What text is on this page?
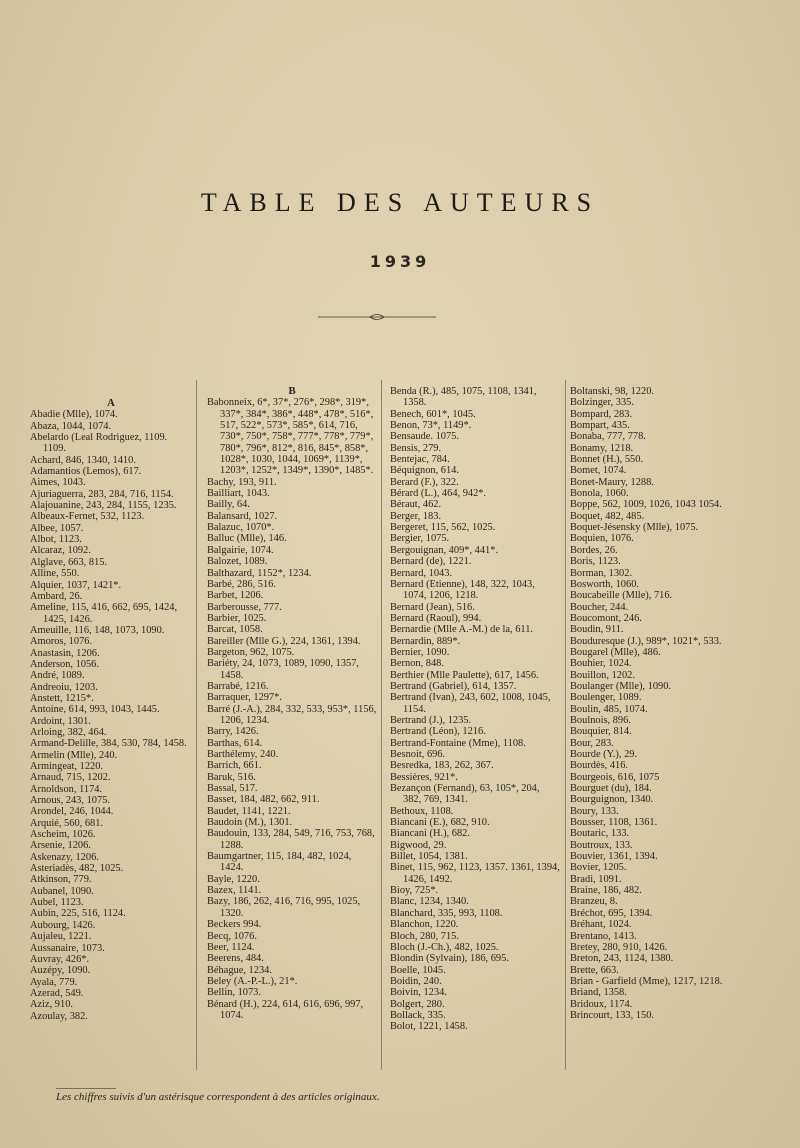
TABLE DES AUTEURS
1939
A
Abadie (Mlle), 1074.
Abaza, 1044, 1074.
Abelardo (Leal Rodriguez, 1109. 1109.
Achard, 846, 1340, 1410.
Adamantios (Lemos), 617.
Aimes, 1043.
Ajuriaguerra, 283, 284, 716, 1154.
Alajouanine, 243, 284, 1155, 1235.
Albeaux-Fernet, 532, 1123.
Albee, 1057.
Albot, 1123.
Alcaraz, 1092.
Alglave, 663, 815.
Alline, 550.
Alquier, 1037, 1421*.
Ambard, 26.
Ameline, 115, 416, 662, 695, 1424, 1425, 1426.
Ameuille, 116, 148, 1073, 1090.
Amoros, 1076.
Anastasin, 1206.
Anderson, 1056.
André, 1089.
Andreoiu, 1203.
Anstett, 1215*.
Antoine, 614, 993, 1043, 1445.
Ardoint, 1301.
Arloing, 382, 464.
Armand-Delille, 384, 530, 784, 1458.
Armelin (Mlle), 240.
Armingeat, 1220.
Arnaud, 715, 1202.
Arnoldson, 1174.
Arnous, 243, 1075.
Arondel, 246, 1044.
Arquié, 560, 681.
Ascheim, 1026.
Arsenie, 1206.
Askenazy, 1206.
Asteriadès, 482, 1025.
Atkinson, 779.
Aubanel, 1090.
Aubel, 1123.
Aubin, 225, 516, 1124.
Aubourg, 1426.
Aujaleu, 1221.
Aussanaire, 1073.
Auvray, 426*.
Auzépy, 1090.
Ayala, 779.
Azerad, 549.
Aziz, 910.
Azoulay, 382.
B
Babonneix, 6*, 37*, 276*, 298*, 319*, 337*, 384*, 386*, 448*, 478*, 516*, 517, 522*, 573*, 585*, 614, 716, 730*, 750*, 758*, 777*, 778*, 779*, 780*, 796*, 812*, 816, 845*, 858*, 1028*, 1030, 1044, 1069*, 1139*, 1203*, 1252*, 1349*, 1390*, 1485*.
Bachy, 193, 911.
Bailliart, 1043.
Bailly, 64.
Balansard, 1027.
Balazuc, 1070*.
Balluc (Mlle), 146.
Balgairie, 1074.
Balozet, 1089.
Balthazard, 1152*, 1234.
Barbé, 286, 516.
Barbet, 1206.
Barberousse, 777.
Barbier, 1025.
Barcat, 1058.
Bareiller (Mlle G.), 224, 1361, 1394.
Bargeton, 962, 1075.
Bariéty, 24, 1073, 1089, 1090, 1357, 1458.
Barrabé, 1216.
Barraquer, 1297*.
Barré (J.-A.), 284, 332, 533, 953*, 1156, 1206, 1234.
Barry, 1426.
Barthas, 614.
Barthélemy, 240.
Barrich, 661.
Baruk, 516.
Bassal, 517.
Basset, 184, 482, 662, 911.
Baudet, 1141, 1221.
Baudoin (M.), 1301.
Baudouin, 133, 284, 549, 716, 753, 768, 1288.
Baumgartner, 115, 184, 482, 1024, 1424.
Bayle, 1220.
Bazex, 1141.
Bazy, 186, 262, 416, 716, 995, 1025, 1320.
Beckers 994.
Becq, 1076.
Beer, 1124.
Beerens, 484.
Béhague, 1234.
Beley (A.-P.-L.), 21*.
Bellin, 1073.
Bénard (H.), 224, 614, 616, 696, 997, 1074.
Benda (R.), 485, 1075, 1108, 1341, 1358.
Benech, 601*, 1045.
Benon, 73*, 1149*.
Bensaude. 1075.
Bensis, 279.
Bentejac, 784.
Béquignon, 614.
Berard (F.), 322.
Bérard (L.), 464, 942*.
Béraut, 462.
Berger, 183.
Bergeret, 115, 562, 1025.
Bergier, 1075.
Bergouignan, 409*, 441*.
Bernard (de), 1221.
Bernard, 1043.
Bernard (Etienne), 148, 322, 1043, 1074, 1206, 1218.
Bernard (Jean), 516.
Bernard (Raoul), 994.
Bernardie (Mlle A.-M.) de la, 611.
Bernardin, 889*.
Bernier, 1090.
Bernon, 848.
Berthier (Mlle Paulette), 617, 1456.
Bertrand (Gabriel), 614, 1357.
Bertrand (Ivan), 243, 602, 1008, 1045, 1154.
Bertrand (J.), 1235.
Bertrand (Léon), 1216.
Bertrand-Fontaine (Mme), 1108.
Besnoit, 696.
Besredka, 183, 262, 367.
Bessières, 921*.
Bezançon (Fernand), 63, 105*, 204, 382, 769, 1341.
Bethoux, 1108.
Biancani (E.), 682, 910.
Biancani (H.), 682.
Bigwood, 29.
Billet, 1054, 1381.
Binet, 115, 962, 1123, 1357. 1361, 1394, 1426, 1492.
Bioy, 725*.
Blanc, 1234, 1340.
Blanchard, 335, 993, 1108.
Blanchon, 1220.
Bloch, 280, 715.
Bloch (J.-Ch.), 482, 1025.
Blondin (Sylvain), 186, 695.
Boelle, 1045.
Boidin, 240.
Boivin, 1234.
Bolgert, 280.
Bollack, 335.
Bolot, 1221, 1458.
Boltanski, 98, 1220.
Bolzinger, 335.
Bompard, 283.
Bompart, 435.
Bonaba, 777, 778.
Bonamy, 1218.
Bonnet (H.), 550.
Bomet, 1074.
Bonet-Maury, 1288.
Bonola, 1060.
Boppe, 562, 1009, 1026, 1043 1054.
Boquet, 482, 485.
Boquet-Jésensky (Mlle), 1075.
Boquien, 1076.
Bordes, 26.
Boris, 1123.
Borman, 1302.
Bosworth, 1060.
Boucabeille (Mlle), 716.
Boucher, 244.
Boucomont, 246.
Boudin, 911.
Bouduresque (J.), 989*, 1021*, 533.
Bougarel (Mlle), 486.
Bouhier, 1024.
Bouillon, 1202.
Boulanger (Mlle), 1090.
Boulenger, 1089.
Boulin, 485, 1074.
Boulnois, 896.
Bouquier, 814.
Bour, 283.
Bourde (Y.), 29.
Bourdès, 416.
Bourgeois, 616, 1075
Bourguet (du), 184.
Bourguignon, 1340.
Boury, 133.
Bousser, 1108, 1361.
Boutaric, 133.
Boutroux, 133.
Bouvier, 1361, 1394.
Bovier, 1205.
Bradi, 1091.
Braine, 186, 482.
Branzeu, 8.
Bréchot, 695, 1394.
Bréhant, 1024.
Brentano, 1413.
Bretey, 280, 910, 1426.
Breton, 243, 1124, 1380.
Brette, 663.
Brian - Garfield (Mme), 1217, 1218.
Briand, 1358.
Bridoux, 1174.
Brincourt, 133, 150.
Les chiffres suivis d'un astérisque correspondent à des articles originaux.
